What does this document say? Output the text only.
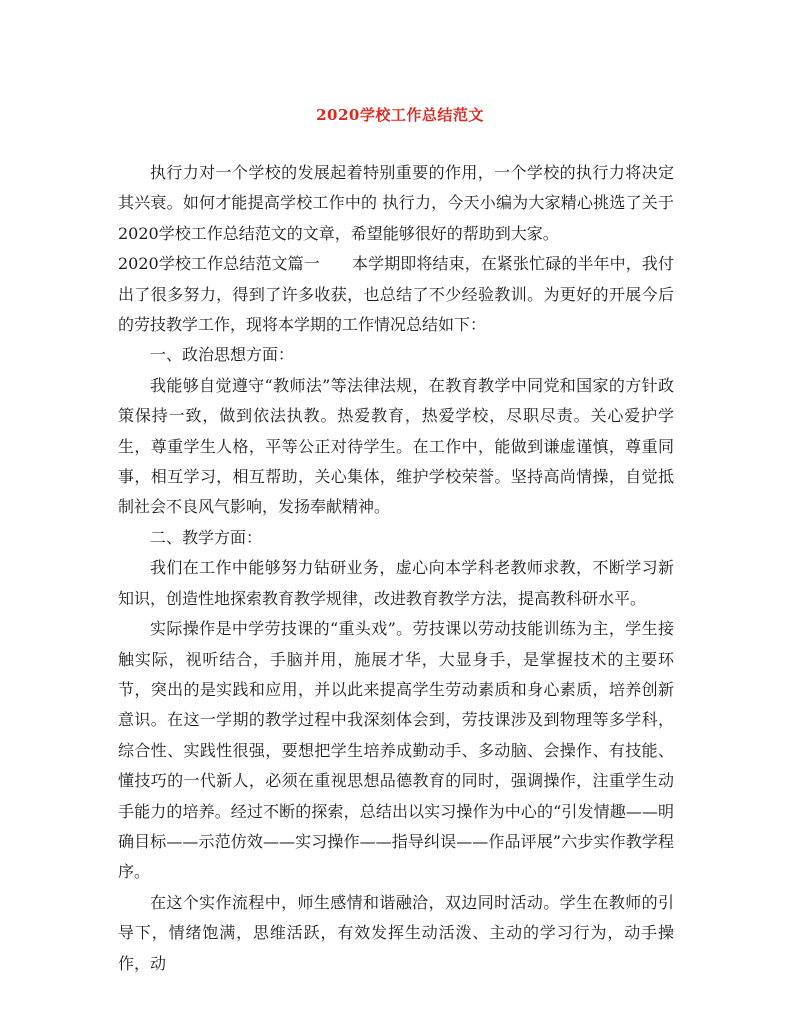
2020学校工作总结范文

执行力对一个学校的发展起着特别重要的作用，一个学校的执行力将决定其兴衰。如何才能提高学校工作中的 执行力，今天小编为大家精心挑选了关于2020学校工作总结范文的文章，希望能够很好的帮助到大家。

2020学校工作总结范文篇一 本学期即将结束，在紧张忙碌的半年中，我付出了很多努力，得到了许多收获，也总结了不少经验教训。为更好的开展今后的劳技教学工作，现将本学期的工作情况总结如下：

一、政治思想方面：

我能够自觉遵守“教师法”等法律法规，在教育教学中同党和国家的方针政策保持一致，做到依法执教。热爱教育，热爱学校，尽职尽责。关心爱护学生，尊重学生人格，平等公正对待学生。在工作中，能做到谦虚谨慎，尊重同事，相互学习，相互帮助，关心集体，维护学校荣誉。坚持高尚情操，自觉抵制社会不良风气影响，发扬奉献精神。

二、教学方面：

我们在工作中能够努力钻研业务，虚心向本学科老教师求教，不断学习新知识，创造性地探索教育教学规律，改进教育教学方法，提高教科研水平。

实际操作是中学劳技课的“重头戏”。劳技课以劳动技能训练为主，学生接触实际，视听结合，手脑并用，施展才华，大显身手，是掌握技术的主要环节，突出的是实践和应用，并以此来提高学生劳动素质和身心素质，培养创新意识。在这一学期的教学过程中我深刻体会到，劳技课涉及到物理等多学科，综合性、实践性很强，要想把学生培养成勤动手、多动脑、会操作、有技能、懂技巧的一代新人，必须在重视思想品德教育的同时，强调操作，注重学生动手能力的培养。经过不断的探索，总结出以实习操作为中心的“引发情趣——明确目标——示范仿效——实习操作——指导纠误——作品评展”六步实作教学程序。

在这个实作流程中，师生感情和谐融洽，双边同时活动。学生在教师的引导下，情绪饱满，思维活跃，有效发挥生动活泼、主动的学习行为，动手操作，动
